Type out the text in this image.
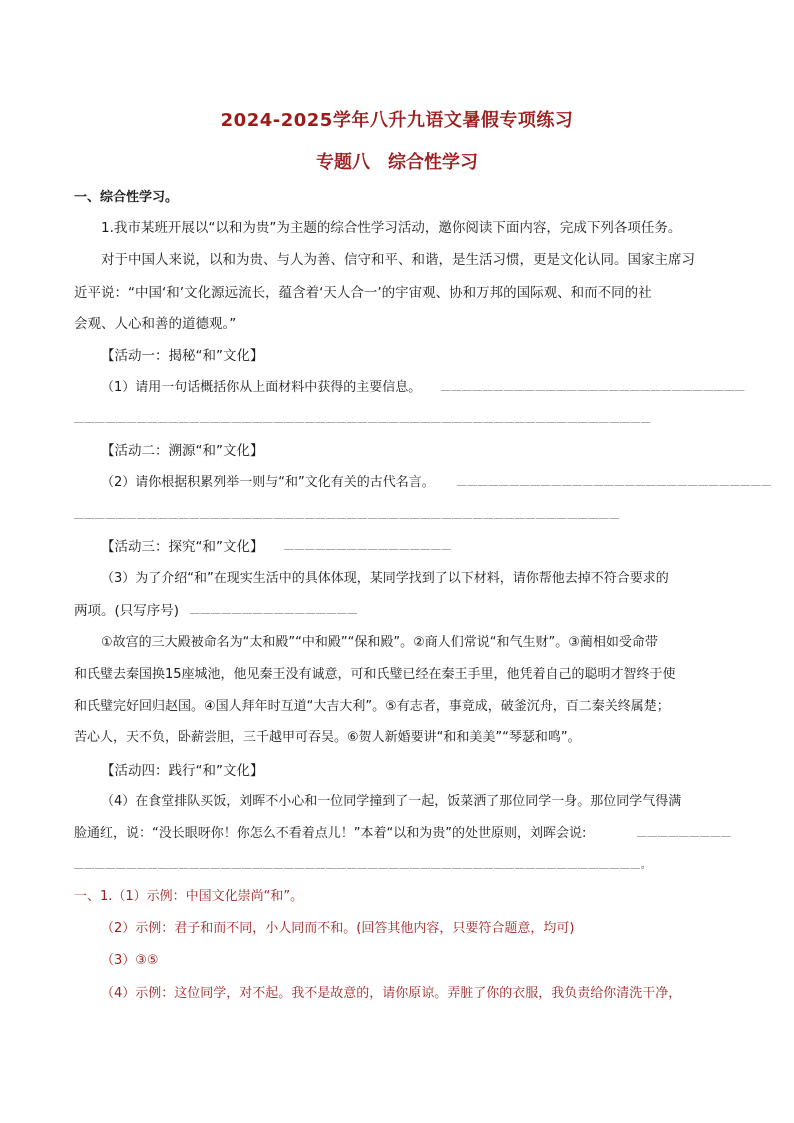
2024-2025学年八升九语文暑假专项练习
专题八　综合性学习
一、综合性学习。
1.我市某班开展以“以和为贵”为主题的综合性学习活动，邀你阅读下面内容，完成下列各项任务。
对于中国人来说，以和为贵、与人为善、信守和平、和谐，是生活习惯，更是文化认同。国家主席习
近平说：“中国‘和’文化源远流长，蕴含着‘天人合一’的宇宙观、协和万邦的国际观、和而不同的社
会观、人心和善的道德观。”
【活动一：揭秘“和”文化】
（1）请用一句话概括你从上面材料中获得的主要信息。 ＿＿＿＿＿＿＿＿＿＿＿＿＿＿＿＿＿＿＿＿＿＿＿＿＿＿＿＿＿
＿＿＿＿＿＿＿＿＿＿＿＿＿＿＿＿＿＿＿＿＿＿＿＿＿＿＿＿＿＿＿＿＿＿＿＿＿＿＿＿＿＿＿＿＿＿＿＿＿＿＿＿＿＿＿
【活动二：溯源“和”文化】
（2）请你根据积累列举一则与“和”文化有关的古代名言。 ＿＿＿＿＿＿＿＿＿＿＿＿＿＿＿＿＿＿＿＿＿＿＿＿＿＿＿＿＿＿
＿＿＿＿＿＿＿＿＿＿＿＿＿＿＿＿＿＿＿＿＿＿＿＿＿＿＿＿＿＿＿＿＿＿＿＿＿＿＿＿＿＿＿＿＿＿＿＿＿＿＿＿
【活动三：探究“和”文化】 ＿＿＿＿＿＿＿＿＿＿＿＿＿＿＿＿
（3）为了介绍“和”在现实生活中的具体体现，某同学找到了以下材料，请你帮他去掉不符合要求的
两项。(只写序号) ＿＿＿＿＿＿＿＿＿＿＿＿＿＿＿＿
①故宫的三大殿被命名为“太和殿”“中和殿”“保和殿”。②商人们常说“和气生财”。③蔺相如受命带
和氏璧去秦国换15座城池，他见秦王没有诚意，可和氏璧已经在秦王手里，他凭着自己的聪明才智终于使
和氏璧完好回归赵国。④国人拜年时互道“大吉大利”。⑤有志者，事竟成，破釜沉舟，百二秦关终属楚；
苦心人，天不负，卧薪尝胆，三千越甲可吞吴。⑥贺人新婚要讲“和和美美”“琴瑟和鸣”。
【活动四：践行“和”文化】
（4）在食堂排队买饭，刘晖不小心和一位同学撞到了一起，饭菜洒了那位同学一身。那位同学气得满
脸通红，说：“没长眼呀你！你怎么不看着点儿！”本着“以和为贵”的处世原则，刘晖会说:	＿＿＿＿＿＿＿＿＿
＿＿＿＿＿＿＿＿＿＿＿＿＿＿＿＿＿＿＿＿＿＿＿＿＿＿＿＿＿＿＿＿＿＿＿＿＿＿＿＿＿＿＿＿＿＿＿＿＿＿＿＿＿＿。
一、1.（1）示例：中国文化崇尚“和”。
（2）示例：君子和而不同，小人同而不和。(回答其他内容，只要符合题意，均可)
（3）③⑤
（4）示例：这位同学，对不起。我不是故意的，请你原谅。弄脏了你的衣服，我负责给你清洗干净，
